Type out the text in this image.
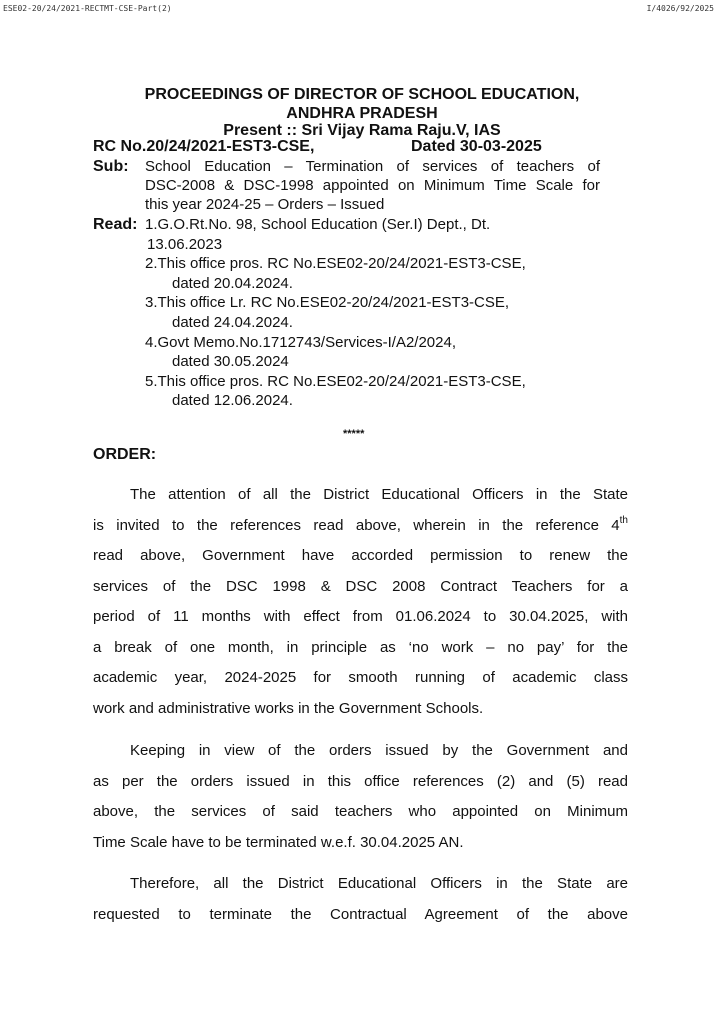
ESE02-20/24/2021-RECTMT-CSE-Part(2)	I/4026/92/2025
PROCEEDINGS OF DIRECTOR OF SCHOOL EDUCATION,
ANDHRA PRADESH
Present :: Sri Vijay Rama Raju.V, IAS
RC No.20/24/2021-EST3-CSE,	Dated 30-03-2025
Sub: School Education – Termination of services of teachers of
DSC-2008 & DSC-1998 appointed on Minimum Time Scale for
this year 2024-25 – Orders – Issued
Read: 1.G.O.Rt.No. 98, School Education (Ser.I) Dept., Dt.
13.06.2023
2.This office pros. RC No.ESE02-20/24/2021-EST3-CSE,
dated 20.04.2024.
3.This office Lr. RC No.ESE02-20/24/2021-EST3-CSE,
dated 24.04.2024.
4.Govt Memo.No.1712743/Services-I/A2/2024,
dated 30.05.2024
5.This office pros. RC No.ESE02-20/24/2021-EST3-CSE,
dated 12.06.2024.
*****
ORDER:
The attention of all the District Educational Officers in the State
is invited to the references read above, wherein in the reference 4th
read above, Government have accorded permission to renew the
services of the DSC 1998 & DSC 2008 Contract Teachers for a
period of 11 months with effect from 01.06.2024 to 30.04.2025, with
a break of one month, in principle as ‘no work – no pay’ for the
academic year, 2024-2025 for smooth running of academic class
work and administrative works in the Government Schools.
Keeping in view of the orders issued by the Government and
as per the orders issued in this office references (2) and (5) read
above, the services of said teachers who appointed on Minimum
Time Scale have to be terminated w.e.f. 30.04.2025 AN.
Therefore, all the District Educational Officers in the State are
requested to terminate the Contractual Agreement of the above
